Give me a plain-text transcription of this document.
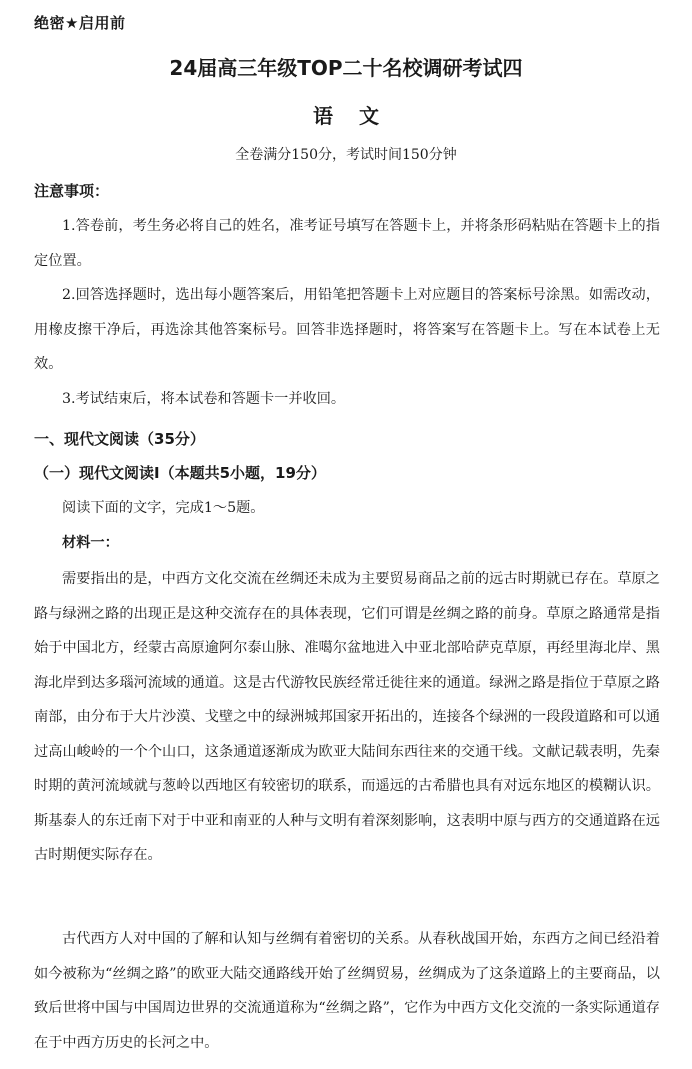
绝密★启用前
24届高三年级TOP二十名校调研考试四
语文
全卷满分150分，考试时间150分钟
注意事项：

1.答卷前，考生务必将自己的姓名，准考证号填写在答题卡上，并将条形码粘贴在答题卡上的指定位置。

2.回答选择题时，选出每小题答案后，用铅笔把答题卡上对应题目的答案标号涂黑。如需改动，用橡皮擦干净后，再选涂其他答案标号。回答非选择题时，将答案写在答题卡上。写在本试卷上无效。

3.考试结束后，将本试卷和答题卡一并收回。

一、现代文阅读（35分）
（一）现代文阅读Ⅰ（本题共5小题，19分）
阅读下面的文字，完成1～5题。
材料一：

需要指出的是，中西方文化交流在丝绸还未成为主要贸易商品之前的远古时期就已存在。草原之路与绿洲之路的出现正是这种交流存在的具体表现，它们可谓是丝绸之路的前身。草原之路通常是指始于中国北方，经蒙古高原逾阿尔泰山脉、准噶尔盆地进入中亚北部哈萨克草原，再经里海北岸、黑海北岸到达多瑙河流域的通道。这是古代游牧民族经常迁徙往来的通道。绿洲之路是指位于草原之路南部，由分布于大片沙漠、戈壁之中的绿洲城邦国家开拓出的，连接各个绿洲的一段段道路和可以通过高山峻岭的一个个山口，这条通道逐渐成为欧亚大陆间东西往来的交通干线。文献记载表明，先秦时期的黄河流域就与葱岭以西地区有较密切的联系，而遥远的古希腊也具有对远东地区的模糊认识。斯基泰人的东迁南下对于中亚和南亚的人种与文明有着深刻影响，这表明中原与西方的交通道路在远古时期便实际存在。

古代西方人对中国的了解和认知与丝绸有着密切的关系。从春秋战国开始，东西方之间已经沿着如今被称为“丝绸之路”的欧亚大陆交通路线开始了丝绸贸易，丝绸成为了这条道路上的主要商品，以致后世将中国与中国周边世界的交流通道称为“丝绸之路”，它作为中西方文化交流的一条实际通道存在于中西方历史的长河之中。
